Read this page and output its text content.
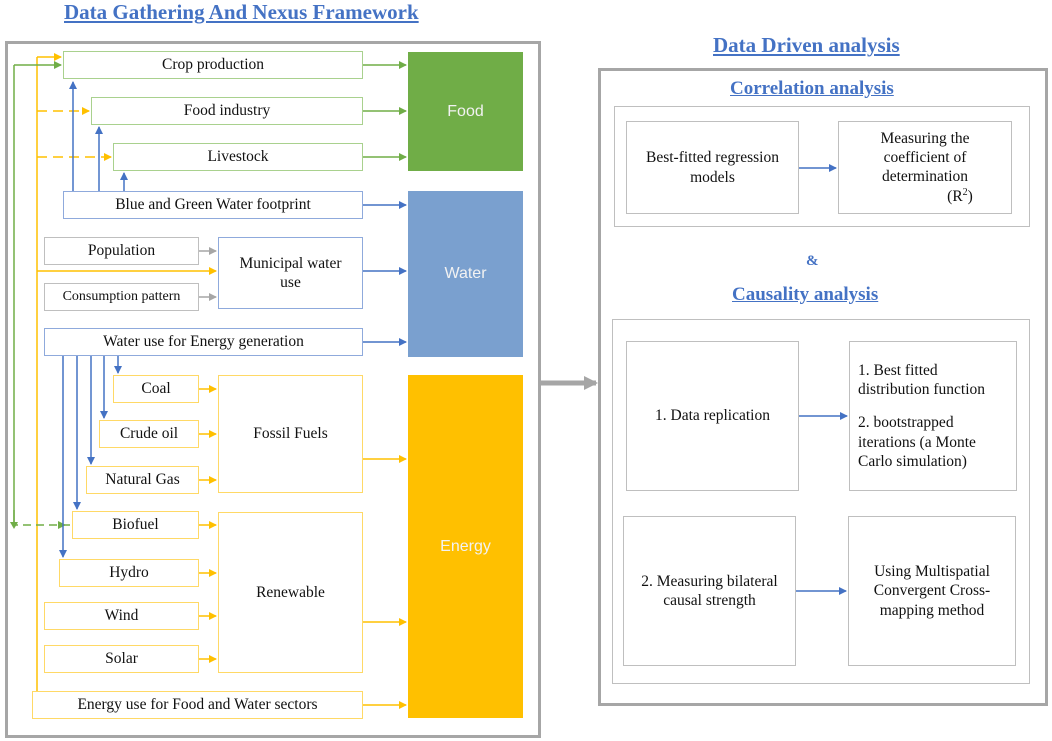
Data Gathering And Nexus Framework
Data Driven analysis
Food
Water
Energy
Crop production
Food industry
Livestock
Blue and Green Water footprint
Population
Consumption pattern
Municipal water use
Water use for Energy generation
Coal
Crude oil
Natural Gas
Fossil Fuels
Biofuel
Hydro
Wind
Solar
Renewable
Energy use for Food and Water sectors
Correlation analysis
Best-fitted regression models
Measuring the coefficient of determination
$(R^2)$
&
Causality analysis
1. Data replication
1. Best fitted distribution function
2. bootstrapped iterations (a Monte Carlo simulation)
2. Measuring bilateral causal strength
Using Multispatial Convergent Cross-mapping method
